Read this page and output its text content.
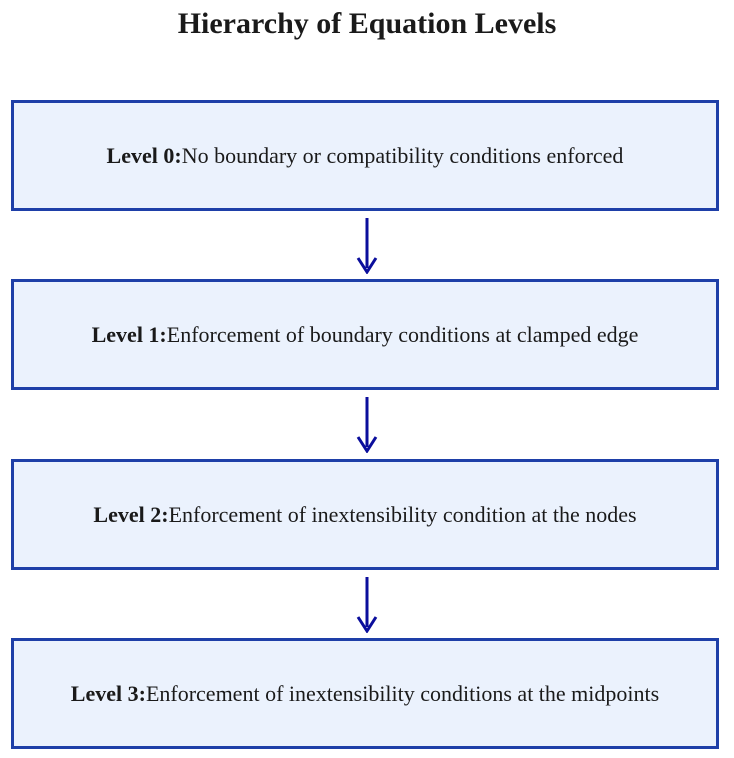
Hierarchy of Equation Levels
Level 0:No boundary or compatibility conditions enforced
Level 1:Enforcement of boundary conditions at clamped edge
Level 2:Enforcement of inextensibility condition at the nodes
Level 3:Enforcement of inextensibility conditions at the midpoints
